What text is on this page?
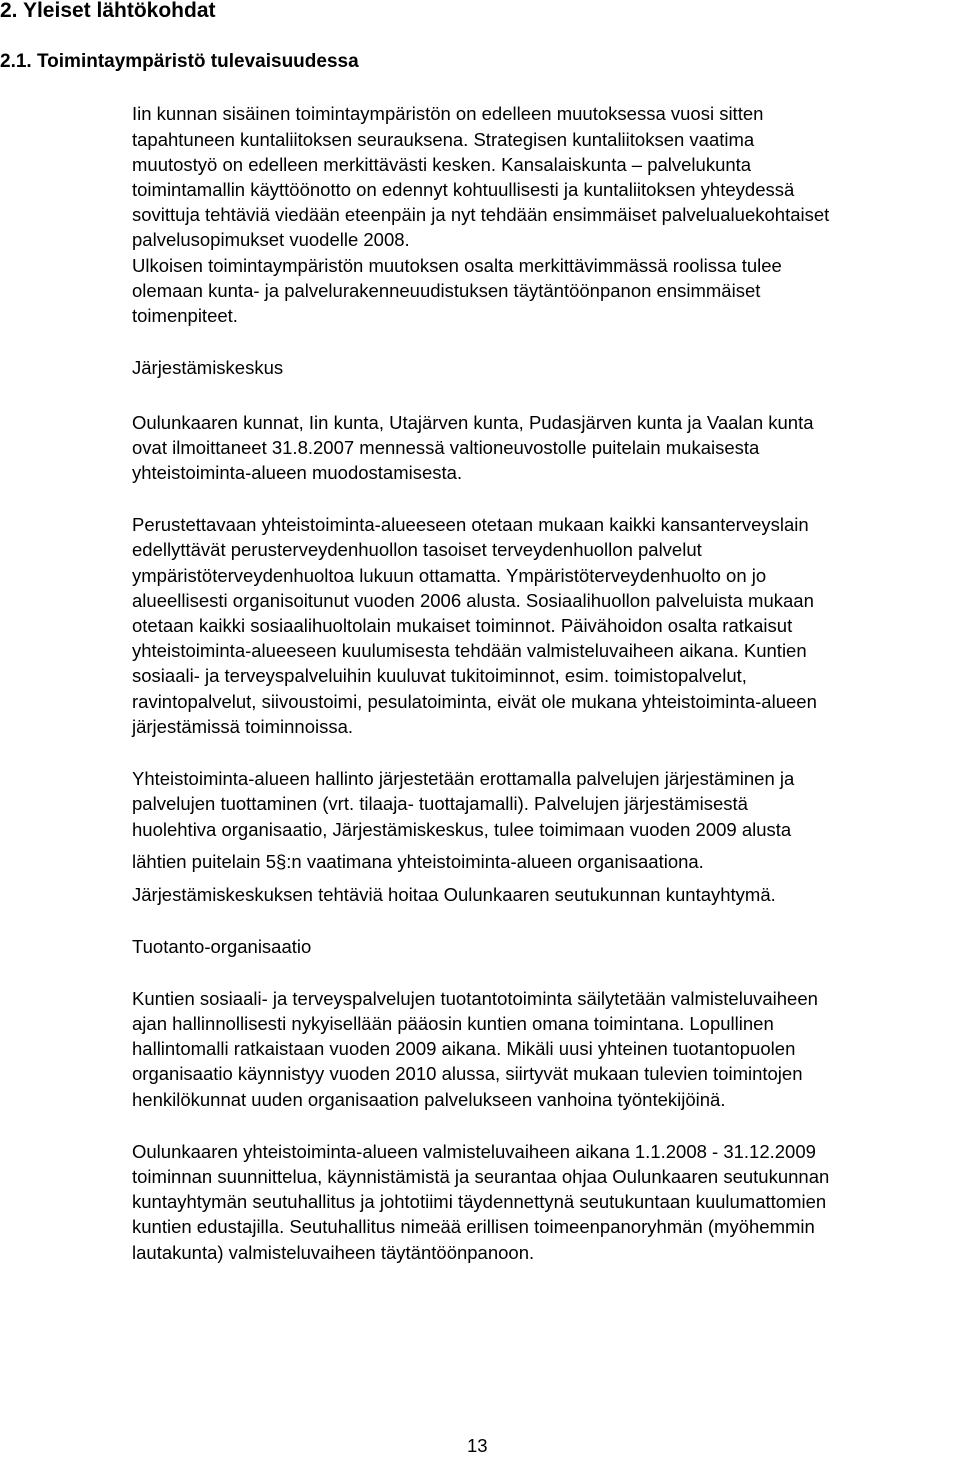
2. Yleiset lähtökohdat
2.1. Toimintaympäristö tulevaisuudessa

Iin kunnan sisäinen toimintaympäristön on edelleen muutoksessa vuosi sitten

tapahtuneen kuntaliitoksen seurauksena. Strategisen kuntaliitoksen vaatima

muutostyö on edelleen merkittävästi kesken. Kansalaiskunta – palvelukunta

toimintamallin käyttöönotto on edennyt kohtuullisesti ja kuntaliitoksen yhteydessä

sovittuja tehtäviä viedään eteenpäin ja nyt tehdään ensimmäiset palvelualuekohtaiset

palvelusopimukset vuodelle 2008.

Ulkoisen toimintaympäristön muutoksen osalta merkittävimmässä roolissa tulee

olemaan kunta- ja palvelurakenneuudistuksen täytäntöönpanon ensimmäiset

toimenpiteet.

Järjestämiskeskus

Oulunkaaren kunnat, Iin kunta, Utajärven kunta, Pudasjärven kunta ja Vaalan kunta

ovat ilmoittaneet 31.8.2007 mennessä valtioneuvostolle puitelain mukaisesta

yhteistoiminta-alueen muodostamisesta.

Perustettavaan yhteistoiminta-alueeseen otetaan mukaan kaikki kansanterveyslain

edellyttävät perusterveydenhuollon tasoiset terveydenhuollon palvelut

ympäristöterveydenhuoltoa lukuun ottamatta. Ympäristöterveydenhuolto on jo

alueellisesti organisoitunut vuoden 2006 alusta. Sosiaalihuollon palveluista mukaan

otetaan kaikki sosiaalihuoltolain mukaiset toiminnot. Päivähoidon osalta ratkaisut

yhteistoiminta-alueeseen kuulumisesta tehdään valmisteluvaiheen aikana. Kuntien

sosiaali- ja terveyspalveluihin kuuluvat tukitoiminnot, esim. toimistopalvelut,

ravintopalvelut, siivoustoimi, pesulatoiminta, eivät ole mukana yhteistoiminta-alueen

järjestämissä toiminnoissa.

Yhteistoiminta-alueen hallinto järjestetään erottamalla palvelujen järjestäminen ja

palvelujen tuottaminen (vrt. tilaaja- tuottajamalli). Palvelujen järjestämisestä

huolehtiva organisaatio, Järjestämiskeskus, tulee toimimaan vuoden 2009 alusta

lähtien puitelain 5§:n vaatimana yhteistoiminta-alueen organisaationa.

Järjestämiskeskuksen tehtäviä hoitaa Oulunkaaren seutukunnan kuntayhtymä.

Tuotanto-organisaatio

Kuntien sosiaali- ja terveyspalvelujen tuotantotoiminta säilytetään valmisteluvaiheen

ajan hallinnollisesti nykyisellään pääosin kuntien omana toimintana. Lopullinen

hallintomalli ratkaistaan vuoden 2009 aikana. Mikäli uusi yhteinen tuotantopuolen

organisaatio käynnistyy vuoden 2010 alussa, siirtyvät mukaan tulevien toimintojen

henkilökunnat uuden organisaation palvelukseen vanhoina työntekijöinä.

Oulunkaaren yhteistoiminta-alueen valmisteluvaiheen aikana 1.1.2008 - 31.12.2009

toiminnan suunnittelua, käynnistämistä ja seurantaa ohjaa Oulunkaaren seutukunnan

kuntayhtymän seutuhallitus ja johtotiimi täydennettynä seutukuntaan kuulumattomien

kuntien edustajilla. Seutuhallitus nimeää erillisen toimeenpanoryhmän (myöhemmin

lautakunta) valmisteluvaiheen täytäntöönpanoon.

13
